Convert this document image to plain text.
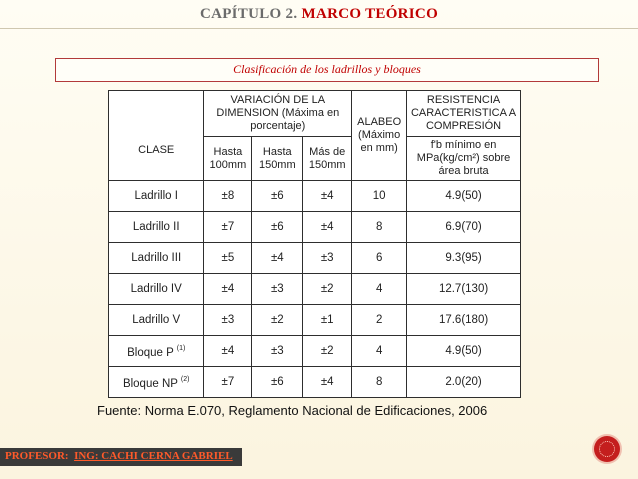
CAPÍTULO 2. MARCO TEÓRICO
Clasificación de los ladrillos y bloques
CLASE	VARIACIÓN DE LA DIMENSION (Máxima en porcentaje)			ALABEO (Máximo en mm)	RESISTENCIA CARACTERISTICA A COMPRESIÓN
	Hasta 100mm	Hasta 150mm	Más de 150mm		f'b mínimo en MPa(kg/cm²) sobre área bruta
Ladrillo I	±8	±6	±4	10	4.9(50)
Ladrillo II	±7	±6	±4	8	6.9(70)
Ladrillo III	±5	±4	±3	6	9.3(95)
Ladrillo IV	±4	±3	±2	4	12.7(130)
Ladrillo V	±3	±2	±1	2	17.6(180)
Bloque P $^{(1)}$	±4	±3	±2	4	4.9(50)
Bloque NP $^{(2)}$	±7	±6	±4	8	2.0(20)
Fuente: Norma E.070, Reglamento Nacional de Edificaciones, 2006
PROFESOR: ING: CACHI CERNA GABRIEL
